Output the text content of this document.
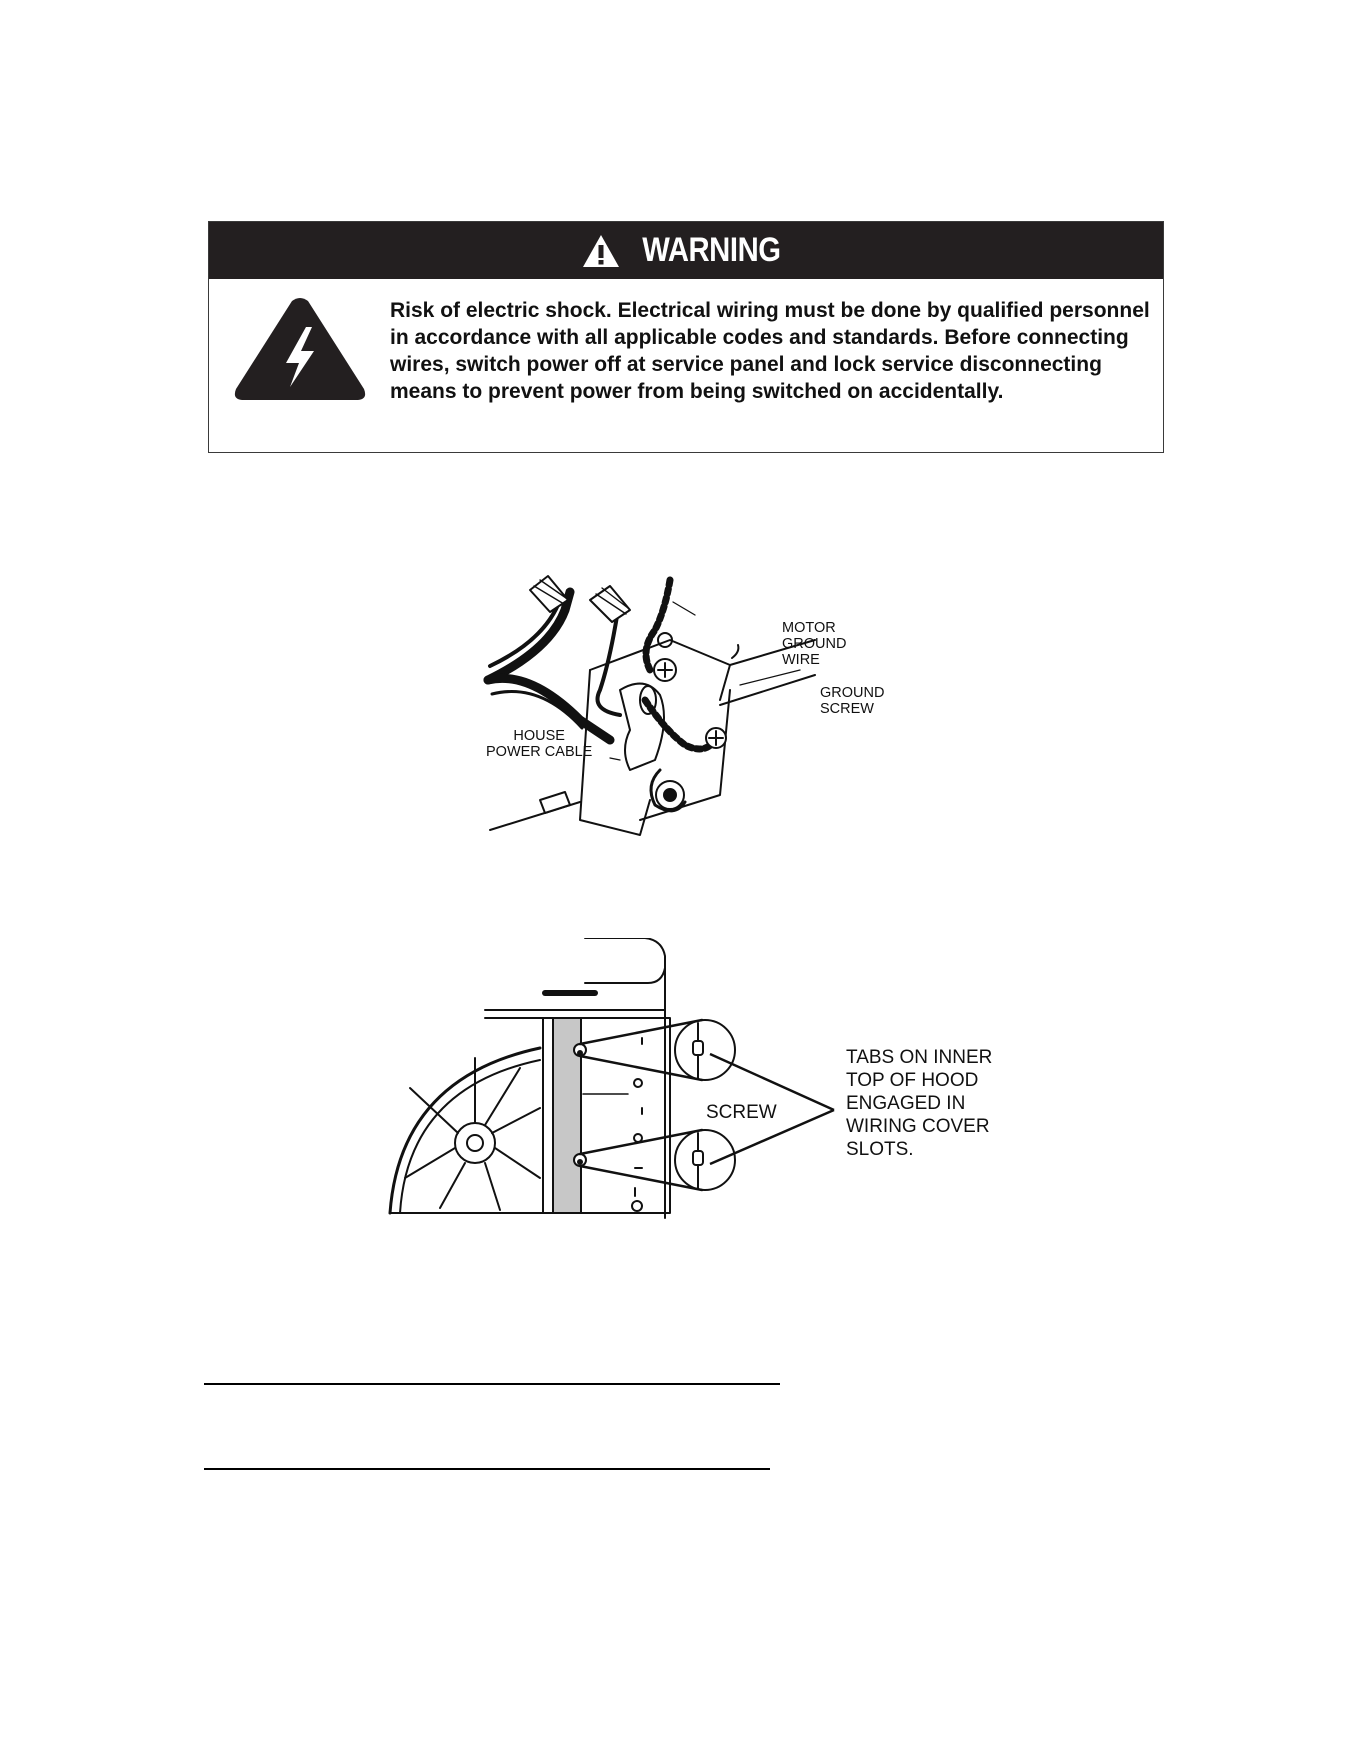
WARNING
Risk of electric shock. Electrical wiring must be done by qualified personnel in accordance with all applicable codes and standards. Before connecting wires, switch power off at service panel and lock service disconnecting means to prevent power from being switched on accidentally.
MOTOR
GROUND
WIRE
GROUND
SCREW
HOUSE
POWER CABLE
SCREW
TABS ON INNER
TOP OF HOOD
ENGAGED IN
WIRING COVER
SLOTS.
